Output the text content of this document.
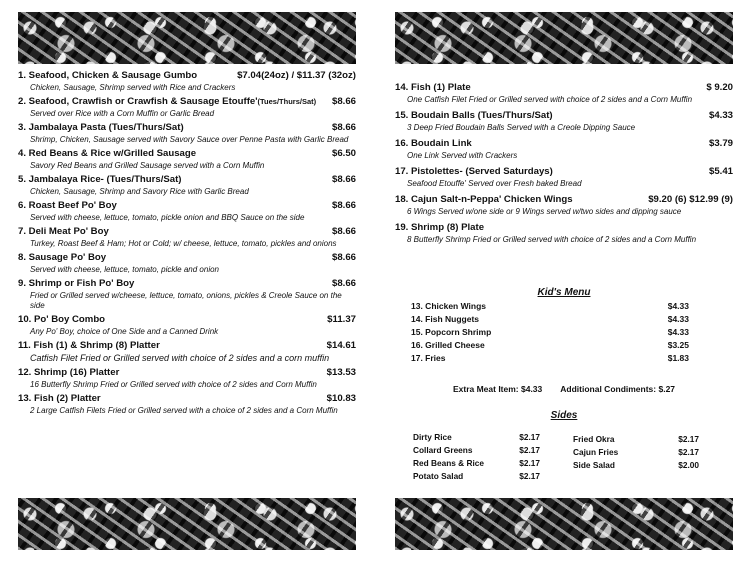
1. Seafood, Chicken & Sausage Gumbo	$7.04(24oz) / $11.37 (32oz)
Chicken, Sausage, Shrimp served with Rice and Crackers
2. Seafood, Crawfish or Crawfish & Sausage Etouffe' (Tues/Thurs/Sat) $8.66
Served over Rice with a Corn Muffin or Garlic Bread
3. Jambalaya Pasta (Tues/Thurs/Sat)	$8.66
Shrimp, Chicken, Sausage served with Savory Sauce over Penne Pasta with Garlic Bread
4. Red Beans & Rice w/Grilled Sausage	$6.50
Savory Red Beans and Grilled Sausage served with a Corn Muffin
5. Jambalaya Rice- (Tues/Thurs/Sat)	$8.66
Chicken, Sausage, Shrimp and Savory Rice with Garlic Bread
6. Roast Beef Po' Boy	$8.66
Served with cheese, lettuce, tomato, pickle onion and BBQ Sauce on the side
7. Deli Meat Po' Boy	$8.66
Turkey, Roast Beef & Ham; Hot or Cold; w/ cheese, lettuce, tomato, pickles and onions
8. Sausage Po' Boy	$8.66
Served with cheese, lettuce, tomato, pickle and onion
9. Shrimp or Fish Po' Boy	$8.66
Fried or Grilled served w/cheese, lettuce, tomato, onions, pickles & Creole Sauce on the side
10. Po' Boy Combo	$11.37
Any Po' Boy, choice of One Side and a Canned Drink
11. Fish (1) & Shrimp (8) Platter	$14.61
Catfish Filet Fried or Grilled served with choice of 2 sides and a corn muffin
12. Shrimp (16) Platter	$13.53
16 Butterfly Shrimp Fried or Grilled served with choice of 2 sides and Corn Muffin
13. Fish (2) Platter	$10.83
2 Large Catfish Filets Fried or Grilled served with a choice of 2 sides and a Corn Muffin
14. Fish (1) Plate	$ 9.20
One Catfish Filet Fried or Grilled served with choice of 2 sides and a Corn Muffin
15. Boudain Balls (Tues/Thurs/Sat)	$4.33
3 Deep Fried Boudain Balls Served with a Creole Dipping Sauce
16. Boudain Link	$3.79
One Link Served with Crackers
17. Pistolettes- (Served Saturdays)	$5.41
Seafood Etouffe' Served over Fresh baked Bread
18. Cajun Salt-n-Peppa' Chicken Wings	$9.20 (6) $12.99 (9)
6 Wings Served w/one side or 9 Wings served w/two sides and dipping sauce
19. Shrimp (8) Plate
8 Butterfly Shrimp Fried or Grilled served with choice of 2 sides and a Corn Muffin
Kid's Menu
13. Chicken Wings	$4.33
14. Fish Nuggets	$4.33
15. Popcorn Shrimp	$4.33
16. Grilled Cheese	$3.25
17. Fries	$1.83
Extra Meat Item: $4.33 Additional Condiments: $.27
Sides
Dirty Rice	$2.17
Collard Greens	$2.17
Red Beans & Rice	$2.17
Potato Salad	$2.17
Fried Okra	$2.17
Cajun Fries	$2.17
Side Salad	$2.00
